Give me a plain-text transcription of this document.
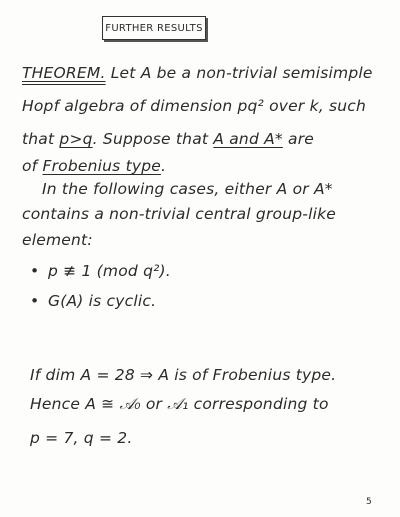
FURTHER RESULTS
THEOREM. Let A be a non-trivial semisimple
Hopf algebra of dimension pq² over k, such
that p>q. Suppose that A and A* are
of Frobenius type.
In the following cases, either A or A*
contains a non-trivial central group-like
element:
• p ≢ 1 (mod q²).
• G(A) is cyclic.
If dim A = 28 ⇒ A is of Frobenius type.
Hence A ≅ 𝒜₀ or 𝒜₁ corresponding to
p = 7, q = 2.
5
